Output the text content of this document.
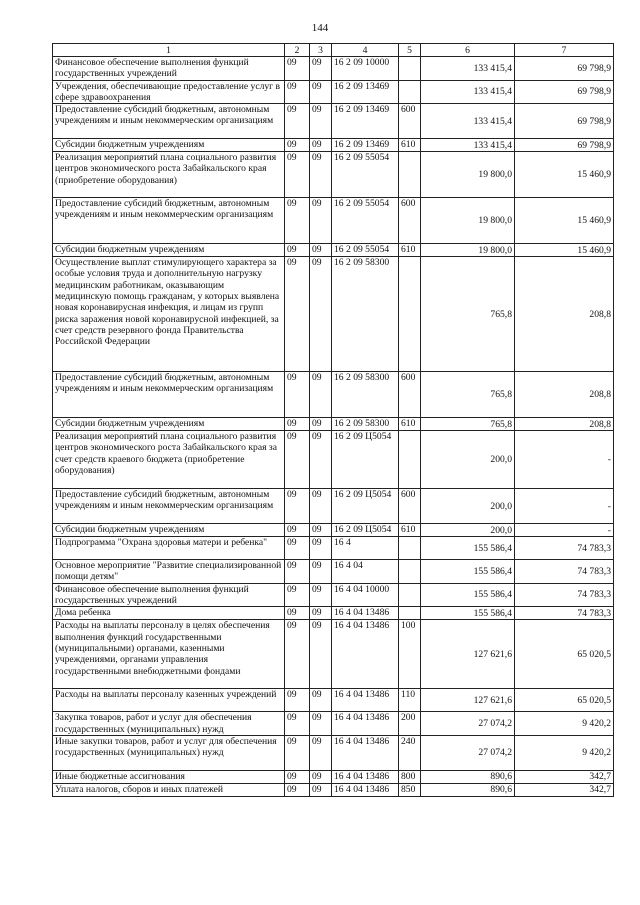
144
1	2	3	4	5	6	7
Финансовое обеспечение выполнения функций государственных учреждений	09	09	16 2 09 10000		133 415,4	69 798,9
Учреждения, обеспечивающие предоставление услуг в сфере здравоохранения	09	09	16 2 09 13469		133 415,4	69 798,9
Предоставление субсидий бюджетным, автономным учреждениям и иным некоммерческим организациям	09	09	16 2 09 13469	600	133 415,4	69 798,9
Субсидии бюджетным учреждениям	09	09	16 2 09 13469	610	133 415,4	69 798,9
Реализация мероприятий плана социального развития центров экономического роста Забайкальского края (приобретение оборудования)	09	09	16 2 09 55054		19 800,0	15 460,9
Предоставление субсидий бюджетным, автономным учреждениям и иным некоммерческим организациям	09	09	16 2 09 55054	600	19 800,0	15 460,9
Субсидии бюджетным учреждениям	09	09	16 2 09 55054	610	19 800,0	15 460,9
Осуществление выплат стимулирующего характера за особые условия труда и дополнительную нагрузку медицинским работникам, оказывающим медицинскую помощь гражданам, у которых выявлена новая коронавирусная инфекция, и лицам из групп риска заражения новой коронавирусной инфекцией, за счет средств резервного фонда Правительства Российской Федерации	09	09	16 2 09 58300		765,8	208,8
Предоставление субсидий бюджетным, автономным учреждениям и иным некоммерческим организациям	09	09	16 2 09 58300	600	765,8	208,8
Субсидии бюджетным учреждениям	09	09	16 2 09 58300	610	765,8	208,8
Реализация мероприятий плана социального развития центров экономического роста Забайкальского края за счет средств краевого бюджета (приобретение оборудования)	09	09	16 2 09 Ц5054		200,0	-
Предоставление субсидий бюджетным, автономным учреждениям и иным некоммерческим организациям	09	09	16 2 09 Ц5054	600	200,0	-
Субсидии бюджетным учреждениям	09	09	16 2 09 Ц5054	610	200,0	-
Подпрограмма "Охрана здоровья матери и ребенка"	09	09	16 4		155 586,4	74 783,3
Основное мероприятие "Развитие специализированной помощи детям"	09	09	16 4 04		155 586,4	74 783,3
Финансовое обеспечение выполнения функций государственных учреждений	09	09	16 4 04 10000		155 586,4	74 783,3
Дома ребенка	09	09	16 4 04 13486		155 586,4	74 783,3
Расходы на выплаты персоналу в целях обеспечения выполнения функций государственными (муниципальными) органами, казенными учреждениями, органами управления государственными внебюджетными фондами	09	09	16 4 04 13486	100	127 621,6	65 020,5
Расходы на выплаты персоналу казенных учреждений	09	09	16 4 04 13486	110	127 621,6	65 020,5
Закупка товаров, работ и услуг для обеспечения государственных (муниципальных) нужд	09	09	16 4 04 13486	200	27 074,2	9 420,2
Иные закупки товаров, работ и услуг для обеспечения государственных (муниципальных) нужд	09	09	16 4 04 13486	240	27 074,2	9 420,2
Иные бюджетные ассигнования	09	09	16 4 04 13486	800	890,6	342,7
Уплата налогов, сборов и иных платежей	09	09	16 4 04 13486	850	890,6	342,7
